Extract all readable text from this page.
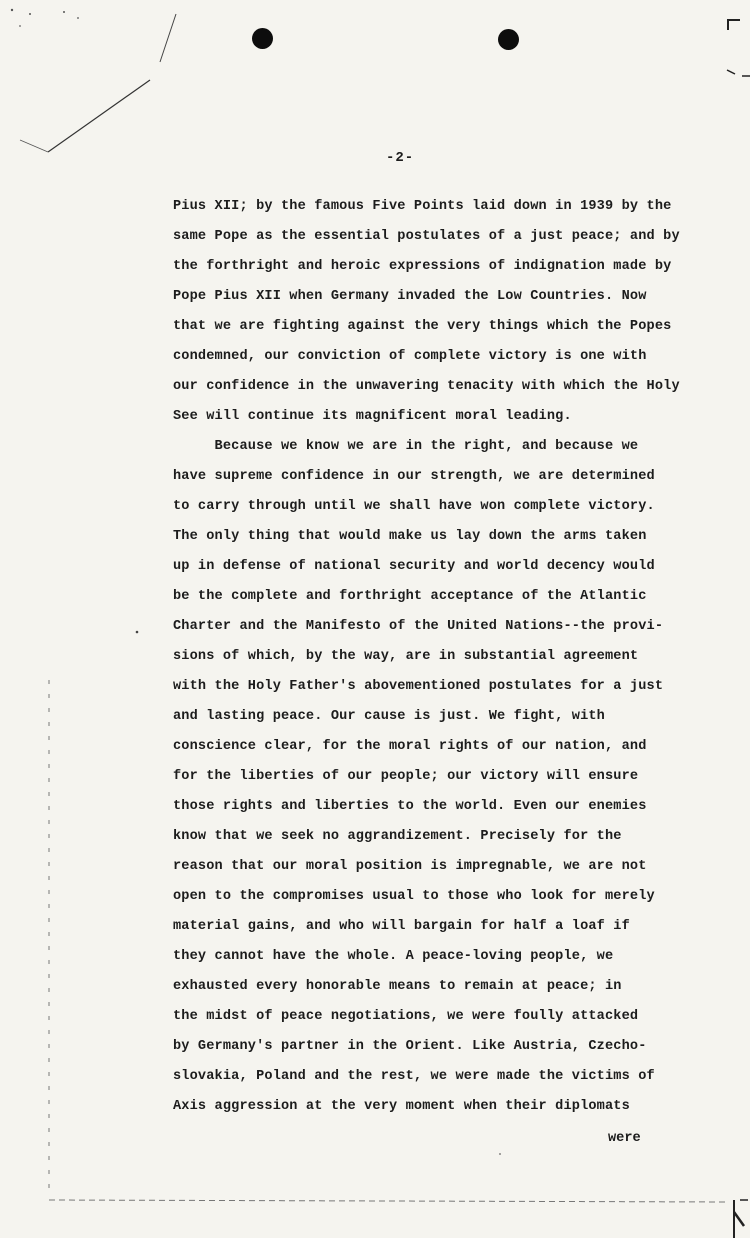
-2-
Pius XII; by the famous Five Points laid down in 1939 by the
same Pope as the essential postulates of a just peace; and by
the forthright and heroic expressions of indignation made by
Pope Pius XII when Germany invaded the Low Countries. Now
that we are fighting against the very things which the Popes
condemned, our conviction of complete victory is one with
our confidence in the unwavering tenacity with which the Holy
See will continue its magnificent moral leading.
Because we know we are in the right, and because we
have supreme confidence in our strength, we are determined
to carry through until we shall have won complete victory.
The only thing that would make us lay down the arms taken
up in defense of national security and world decency would
be the complete and forthright acceptance of the Atlantic
Charter and the Manifesto of the United Nations--the provi-
sions of which, by the way, are in substantial agreement
with the Holy Father's abovementioned postulates for a just
and lasting peace. Our cause is just. We fight, with
conscience clear, for the moral rights of our nation, and
for the liberties of our people; our victory will ensure
those rights and liberties to the world. Even our enemies
know that we seek no aggrandizement. Precisely for the
reason that our moral position is impregnable, we are not
open to the compromises usual to those who look for merely
material gains, and who will bargain for half a loaf if
they cannot have the whole. A peace-loving people, we
exhausted every honorable means to remain at peace; in
the midst of peace negotiations, we were foully attacked
by Germany's partner in the Orient. Like Austria, Czecho-
slovakia, Poland and the rest, we were made the victims of
Axis aggression at the very moment when their diplomats
were
